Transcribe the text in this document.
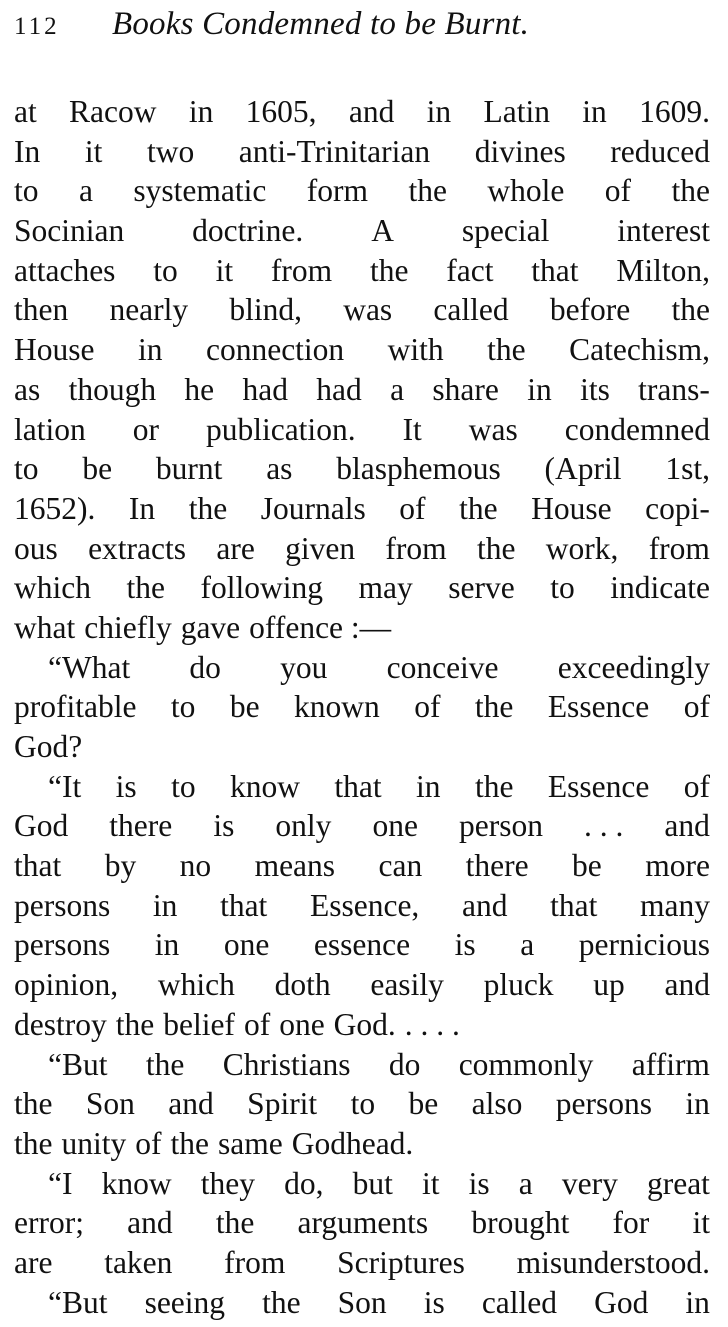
112	Books Condemned to be Burnt.
at Racow in 1605, and in Latin in 1609.
In it two anti-Trinitarian divines reduced
to a systematic form the whole of the
Socinian doctrine. A special interest
attaches to it from the fact that Milton,
then nearly blind, was called before the
House in connection with the Catechism,
as though he had had a share in its trans-
lation or publication. It was condemned
to be burnt as blasphemous (April 1st,
1652). In the Journals of the House copi-
ous extracts are given from the work, from
which the following may serve to indicate
what chiefly gave offence :—
“What do you conceive exceedingly
profitable to be known of the Essence of
God?
“It is to know that in the Essence of
God there is only one person . . . and
that by no means can there be more
persons in that Essence, and that many
persons in one essence is a pernicious
opinion, which doth easily pluck up and
destroy the belief of one God. . . . .
“But the Christians do commonly affirm
the Son and Spirit to be also persons in
the unity of the same Godhead.
“I know they do, but it is a very great
error; and the arguments brought for it
are taken from Scriptures misunderstood.
“But seeing the Son is called God in
